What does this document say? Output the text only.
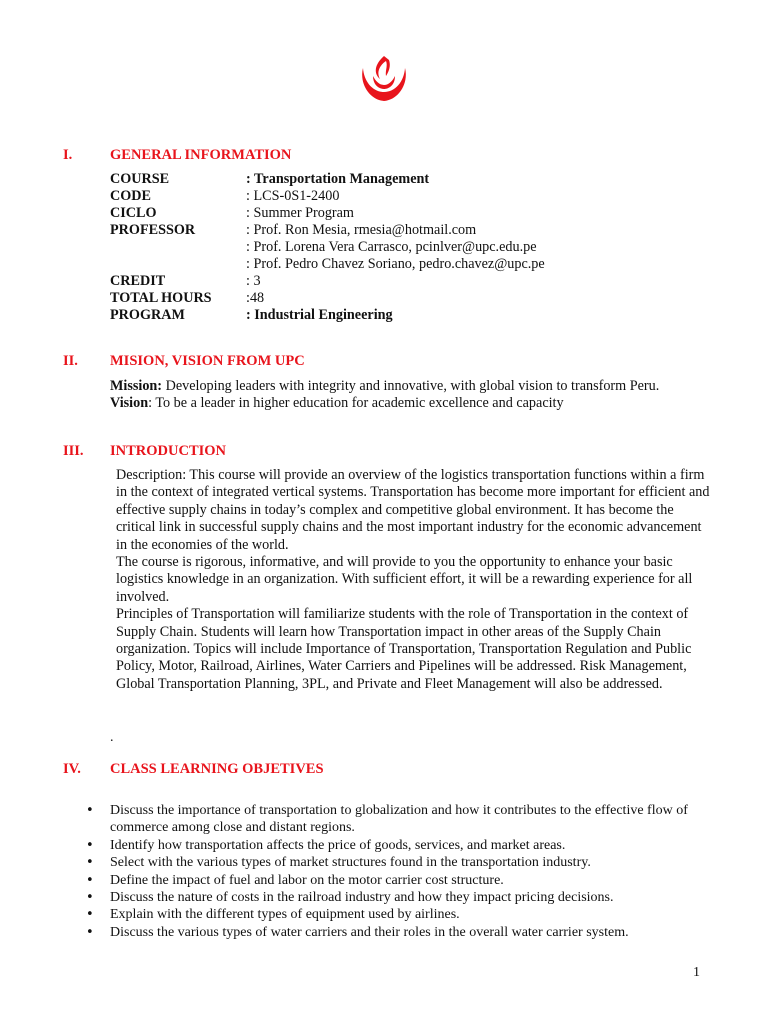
I.	GENERAL INFORMATION
COURSE	: Transportation Management
CODE	: LCS-0S1-2400
CICLO	: Summer Program
PROFESSOR	: Prof. Ron Mesia, rmesia@hotmail.com
: Prof. Lorena Vera Carrasco, pcinlver@upc.edu.pe
: Prof. Pedro Chavez Soriano, pedro.chavez@upc.pe
CREDIT	: 3
TOTAL HOURS	:48
PROGRAM	: Industrial Engineering
II. MISION, VISION FROM UPC
Mission: Developing leaders with integrity and innovative, with global vision to transform Peru.
Vision: To be a leader in higher education for academic excellence and capacity
III. INTRODUCTION

Description: This course will provide an overview of the logistics transportation functions within a firm in the context of integrated vertical systems. Transportation has become more important for efficient and effective supply chains in today’s complex and competitive global environment. It has become the critical link in successful supply chains and the most important industry for the economic advancement in the economies of the world.

The course is rigorous, informative, and will provide to you the opportunity to enhance your basic logistics knowledge in an organization. With sufficient effort, it will be a rewarding experience for all involved.

Principles of Transportation will familiarize students with the role of Transportation in the context of Supply Chain. Students will learn how Transportation impact in other areas of the Supply Chain organization. Topics will include Importance of Transportation, Transportation Regulation and Public Policy, Motor, Railroad, Airlines, Water Carriers and Pipelines will be addressed. Risk Management, Global Transportation Planning, 3PL, and Private and Fleet Management will also be addressed.

.
IV. CLASS LEARNING OBJETIVES
• Discuss the importance of transportation to globalization and how it contributes to the effective flow of commerce among close and distant regions.
• Identify how transportation affects the price of goods, services, and market areas.
• Select with the various types of market structures found in the transportation industry.
• Define the impact of fuel and labor on the motor carrier cost structure.
• Discuss the nature of costs in the railroad industry and how they impact pricing decisions.
• Explain with the different types of equipment used by airlines.
• Discuss the various types of water carriers and their roles in the overall water carrier system.
1
